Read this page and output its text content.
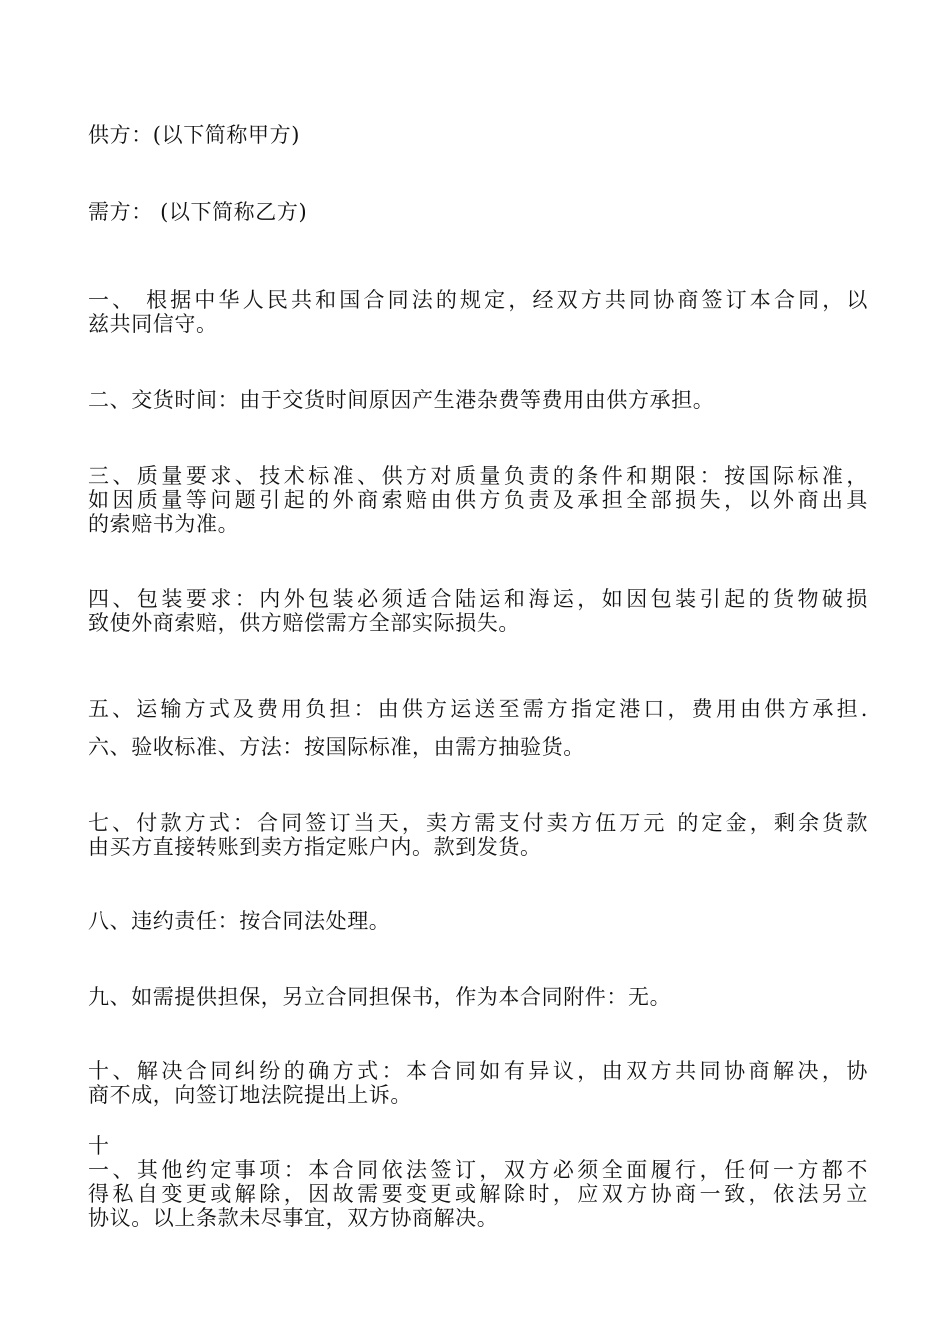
供方：(以下简称甲方)
需方： (以下简称乙方)
一、 根据中华人民共和国合同法的规定，经双方共同协商签订本合同，以
兹共同信守。
二、交货时间：由于交货时间原因产生港杂费等费用由供方承担。
三、质量要求、技术标准、供方对质量负责的条件和期限：按国际标准，
如因质量等问题引起的外商索赔由供方负责及承担全部损失，以外商出具
的索赔书为准。
四、包装要求：内外包装必须适合陆运和海运，如因包装引起的货物破损
致使外商索赔，供方赔偿需方全部实际损失。
五、运输方式及费用负担：由供方运送至需方指定港口，费用由供方承担.
六、验收标准、方法：按国际标准，由需方抽验货。
七、付款方式：合同签订当天，卖方需支付卖方伍万元 的定金，剩余货款
由买方直接转账到卖方指定账户内。款到发货。
八、违约责任：按合同法处理。
九、如需提供担保，另立合同担保书，作为本合同附件：无。
十、解决合同纠纷的确方式：本合同如有异议，由双方共同协商解决，协
商不成，向签订地法院提出上诉。
十
一、其他约定事项：本合同依法签订，双方必须全面履行，任何一方都不
得私自变更或解除，因故需要变更或解除时，应双方协商一致，依法另立
协议。以上条款未尽事宜，双方协商解决。
